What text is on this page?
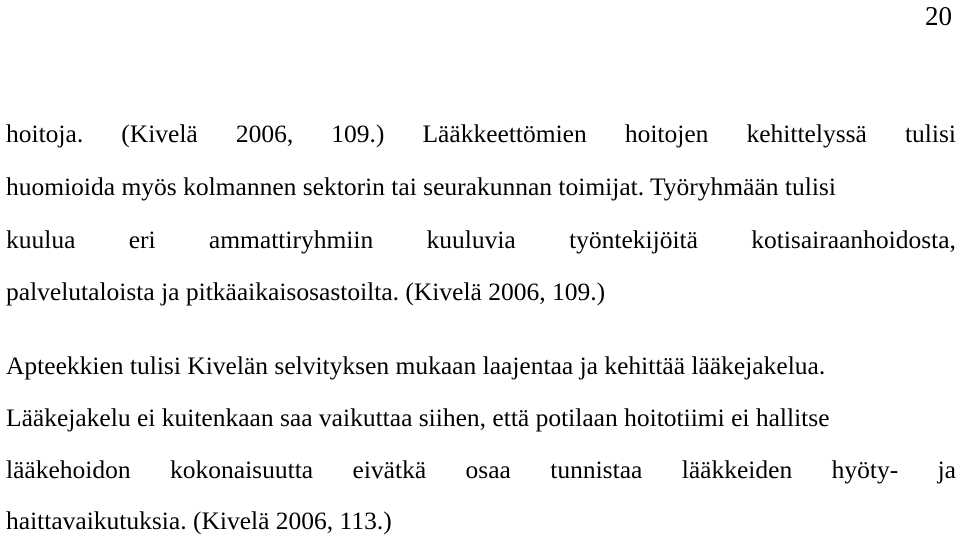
20
hoitoja. (Kivelä 2006, 109.) Lääkkeettömien hoitojen kehittelyssä tulisi
huomioida myös kolmannen sektorin tai seurakunnan toimijat. Työryhmään tulisi
kuulua eri ammattiryhmiin kuuluvia työntekijöitä kotisairaanhoidosta,
palvelutaloista ja pitkäaikaisosastoilta. (Kivelä 2006, 109.)
Apteekkien tulisi Kivelän selvityksen mukaan laajentaa ja kehittää lääkejakelua.
Lääkejakelu ei kuitenkaan saa vaikuttaa siihen, että potilaan hoitotiimi ei hallitse
lääkehoidon kokonaisuutta eivätkä osaa tunnistaa lääkkeiden hyöty- ja
haittavaikutuksia. (Kivelä 2006, 113.)
